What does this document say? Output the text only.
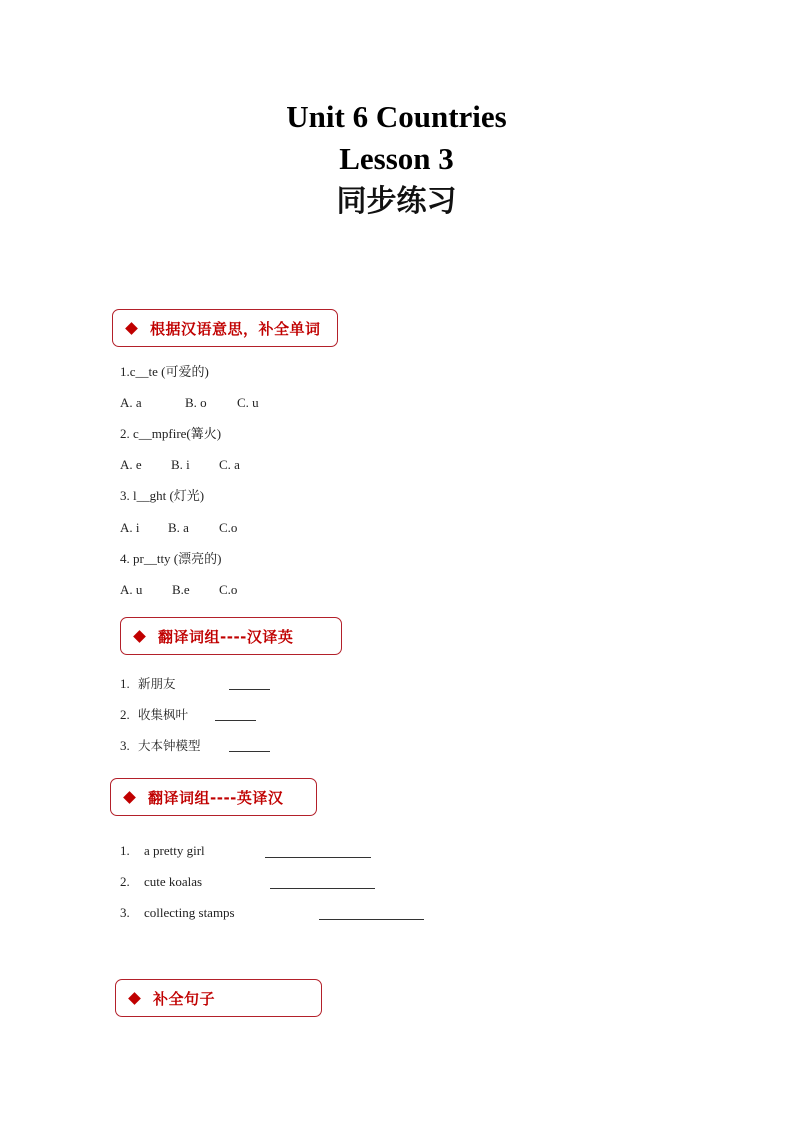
Unit 6 Countries
Lesson 3
同步练习
根据汉语意思，补全单词
1.c__te (可爱的)
A. a	B. o C. u
2. c__mpfire(篝火)
A. e B. i C. a
3. l__ght (灯光)
A. i B. a C.o
4. pr__tty (漂亮的)
A. u B.e C.o
翻译词组----汉译英
1. 新朋友
2. 收集枫叶
3. 大本钟模型
翻译词组----英译汉
1. a pretty girl
2. cute koalas
3. collecting stamps
补全句子
